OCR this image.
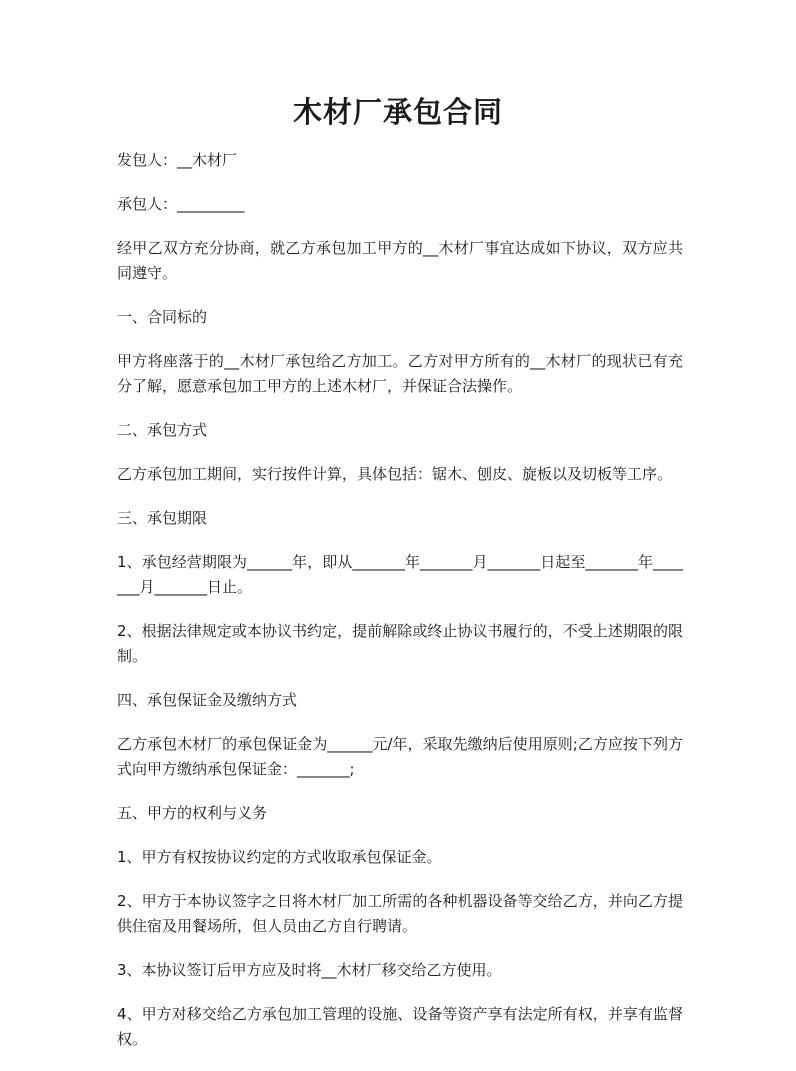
木材厂承包合同

发包人：__木材厂

承包人：_________

经甲乙双方充分协商，就乙方承包加工甲方的__木材厂事宜达成如下协议，双方应共同遵守。

一、合同标的

甲方将座落于的__木材厂承包给乙方加工。乙方对甲方所有的__木材厂的现状已有充分了解，愿意承包加工甲方的上述木材厂，并保证合法操作。

二、承包方式

乙方承包加工期间，实行按件计算，具体包括：锯木、刨皮、旋板以及切板等工序。

三、承包期限

1、承包经营期限为______年，即从_______年_______月_______日起至_______年_______月_______日止。

2、根据法律规定或本协议书约定，提前解除或终止协议书履行的，不受上述期限的限制。

四、承包保证金及缴纳方式

乙方承包木材厂的承包保证金为______元/年，采取先缴纳后使用原则;乙方应按下列方式向甲方缴纳承包保证金：_______;

五、甲方的权利与义务

1、甲方有权按协议约定的方式收取承包保证金。

2、甲方于本协议签字之日将木材厂加工所需的各种机器设备等交给乙方，并向乙方提供住宿及用餐场所，但人员由乙方自行聘请。

3、本协议签订后甲方应及时将__木材厂移交给乙方使用。

4、甲方对移交给乙方承包加工管理的设施、设备等资产享有法定所有权，并享有监督权。
